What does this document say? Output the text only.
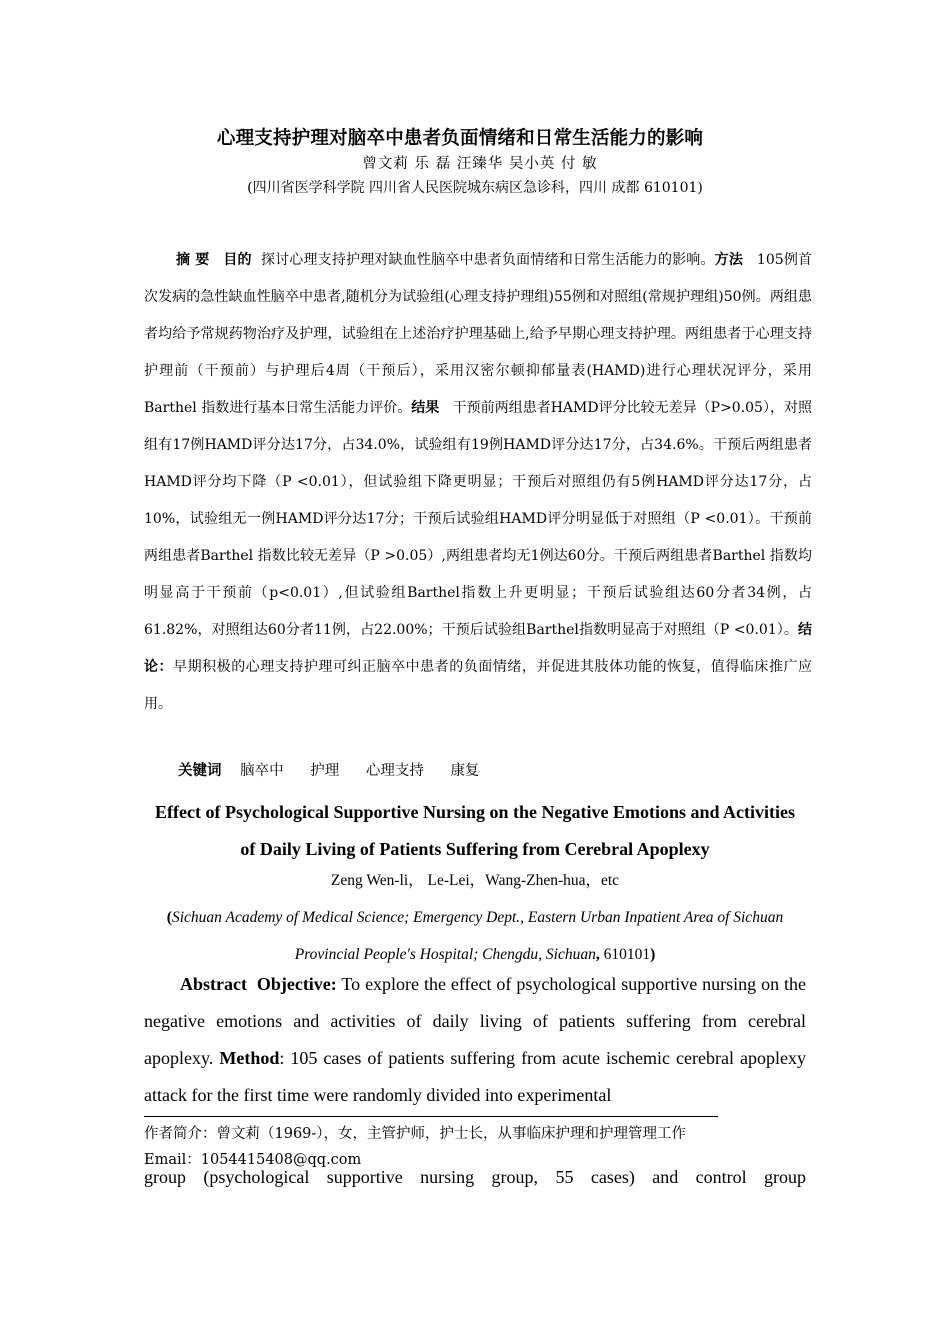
心理支持护理对脑卒中患者负面情绪和日常生活能力的影响
曾文莉 乐 磊 汪臻华 吴小英 付 敏
(四川省医学科学院 四川省人民医院城东病区急诊科，四川 成都 610101)
摘 要 目的 探讨心理支持护理对缺血性脑卒中患者负面情绪和日常生活能力的影响。方法 105例首次发病的急性缺血性脑卒中患者,随机分为试验组(心理支持护理组)55例和对照组(常规护理组)50例。两组患者均给予常规药物治疗及护理，试验组在上述治疗护理基础上,给予早期心理支持护理。两组患者于心理支持护理前（干预前）与护理后4周（干预后），采用汉密尔顿抑郁量表(HAMD)进行心理状况评分，采用Barthel 指数进行基本日常生活能力评价。结果 干预前两组患者HAMD评分比较无差异（P>0.05），对照组有17例HAMD评分达17分，占34.0%，试验组有19例HAMD评分达17分，占34.6%。干预后两组患者HAMD评分均下降（P <0.01），但试验组下降更明显；干预后对照组仍有5例HAMD评分达17分，占10%，试验组无一例HAMD评分达17分；干预后试验组HAMD评分明显低于对照组（P <0.01）。干预前两组患者Barthel 指数比较无差异（P >0.05）,两组患者均无1例达60分。干预后两组患者Barthel 指数均明显高于干预前（p<0.01）,但试验组Barthel指数上升更明显；干预后试验组达60分者34例，占61.82%，对照组达60分者11例，占22.00%；干预后试验组Barthel指数明显高于对照组（P <0.01）。结论：早期积极的心理支持护理可纠正脑卒中患者的负面情绪，并促进其肢体功能的恢复，值得临床推广应用。
关键词 脑卒中 护理 心理支持 康复
Effect of Psychological Supportive Nursing on the Negative Emotions and Activities of Daily Living of Patients Suffering from Cerebral Apoplexy
Zeng Wen-li， Le-Lei，Wang-Zhen-hua，etc
(Sichuan Academy of Medical Science; Emergency Dept., Eastern Urban Inpatient Area of Sichuan Provincial People's Hospital; Chengdu, Sichuan, 610101)
Abstract Objective: To explore the effect of psychological supportive nursing on the negative emotions and activities of daily living of patients suffering from cerebral apoplexy. Method: 105 cases of patients suffering from acute ischemic cerebral apoplexy attack for the first time were randomly divided into experimental
作者简介：曾文莉（1969-），女，主管护师，护士长，从事临床护理和护理管理工作
Email：1054415408@qq.com
group (psychological supportive nursing group, 55 cases) and control group
